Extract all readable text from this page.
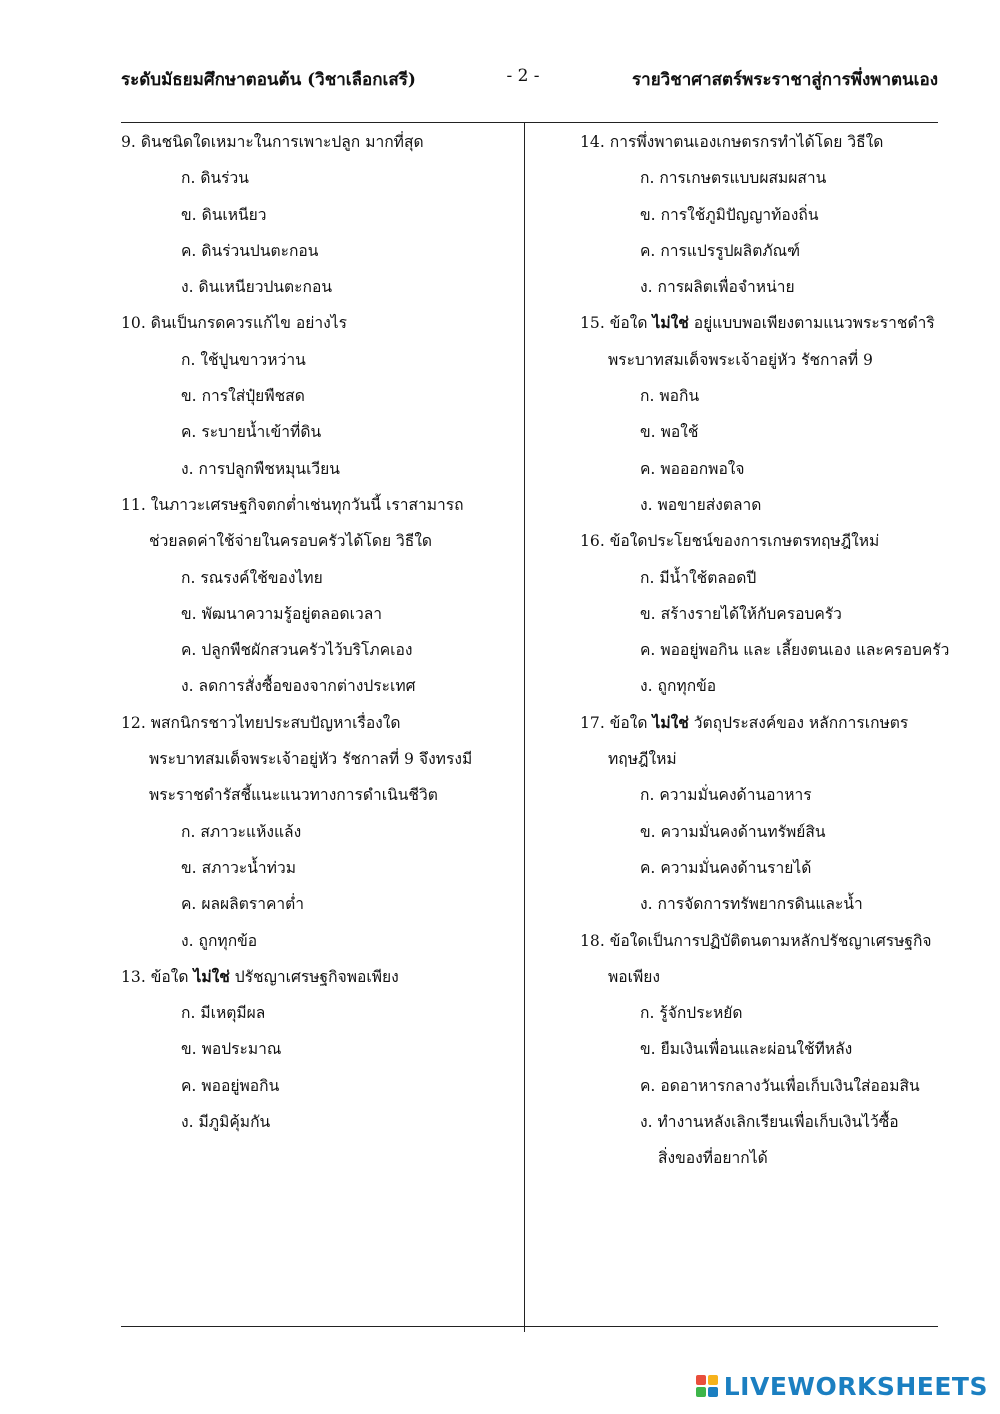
ระดับมัธยมศึกษาตอนต้น (วิชาเลือกเสรี)	- 2 -	รายวิชาศาสตร์พระราชาสู่การพึ่งพาตนเอง
9. ดินชนิดใดเหมาะในการเพาะปลูก มากที่สุด
ก. ดินร่วน
ข. ดินเหนียว
ค. ดินร่วนปนตะกอน
ง. ดินเหนียวปนตะกอน
10. ดินเป็นกรดควรแก้ไข อย่างไร
ก. ใช้ปูนขาวหว่าน
ข. การใส่ปุ๋ยพืชสด
ค. ระบายน้ำเข้าที่ดิน
ง. การปลูกพืชหมุนเวียน
11. ในภาวะเศรษฐกิจตกต่ำเช่นทุกวันนี้ เราสามารถ
ช่วยลดค่าใช้จ่ายในครอบครัวได้โดย วิธีใด
ก. รณรงค์ใช้ของไทย
ข. พัฒนาความรู้อยู่ตลอดเวลา
ค. ปลูกพืชผักสวนครัวไว้บริโภคเอง
ง. ลดการสั่งซื้อของจากต่างประเทศ
12. พสกนิกรชาวไทยประสบปัญหาเรื่องใด
พระบาทสมเด็จพระเจ้าอยู่หัว รัชกาลที่ 9 จึงทรงมี
พระราชดำรัสชี้แนะแนวทางการดำเนินชีวิต
ก. สภาวะแห้งแล้ง
ข. สภาวะน้ำท่วม
ค. ผลผลิตราคาต่ำ
ง. ถูกทุกข้อ
13. ข้อใด ไม่ใช่ ปรัชญาเศรษฐกิจพอเพียง
ก. มีเหตุมีผล
ข. พอประมาณ
ค. พออยู่พอกิน
ง. มีภูมิคุ้มกัน
14. การพึ่งพาตนเองเกษตรกรทำได้โดย วิธีใด
ก. การเกษตรแบบผสมผสาน
ข. การใช้ภูมิปัญญาท้องถิ่น
ค. การแปรรูปผลิตภัณฑ์
ง. การผลิตเพื่อจำหน่าย
15. ข้อใด ไม่ใช่ อยู่แบบพอเพียงตามแนวพระราชดำริ
พระบาทสมเด็จพระเจ้าอยู่หัว รัชกาลที่ 9
ก. พอกิน
ข. พอใช้
ค. พอออกพอใจ
ง. พอขายส่งตลาด
16. ข้อใดประโยชน์ของการเกษตรทฤษฎีใหม่
ก. มีน้ำใช้ตลอดปี
ข. สร้างรายได้ให้กับครอบครัว
ค. พออยู่พอกิน และ เลี้ยงตนเอง และครอบครัว
ง. ถูกทุกข้อ
17. ข้อใด ไม่ใช่ วัตถุประสงค์ของ หลักการเกษตร
ทฤษฎีใหม่
ก. ความมั่นคงด้านอาหาร
ข. ความมั่นคงด้านทรัพย์สิน
ค. ความมั่นคงด้านรายได้
ง. การจัดการทรัพยากรดินและน้ำ
18. ข้อใดเป็นการปฏิบัติตนตามหลักปรัชญาเศรษฐกิจ
พอเพียง
ก. รู้จักประหยัด
ข. ยืมเงินเพื่อนและผ่อนใช้ทีหลัง
ค. อดอาหารกลางวันเพื่อเก็บเงินใส่ออมสิน
ง. ทำงานหลังเลิกเรียนเพื่อเก็บเงินไว้ซื้อ
สิ่งของที่อยากได้
LIVEWORKSHEETS
